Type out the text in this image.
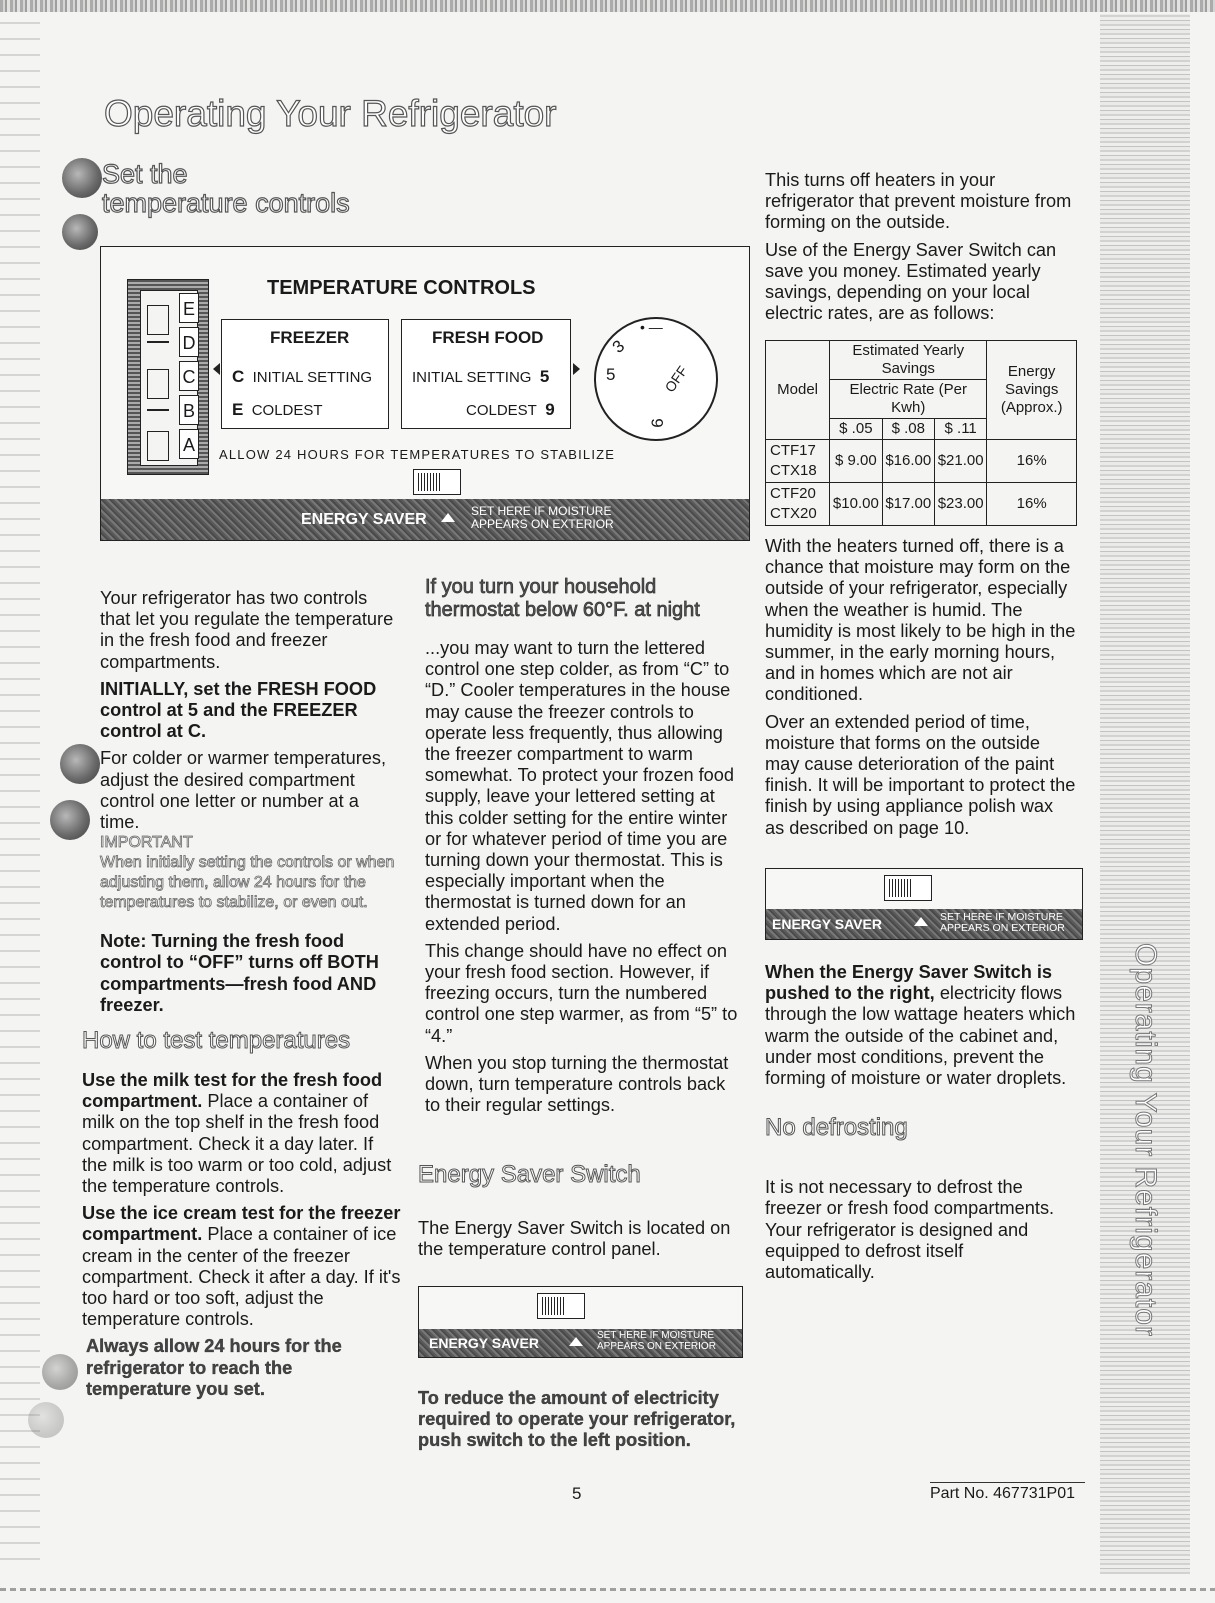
Operating Your Refrigerator
Operating Your Refrigerator
Set the
temperature controls
TEMPERATURE CONTROLS
E
D
C
B
A
FREEZER
C INITIAL SETTING
E COLDEST
FRESH FOOD
INITIAL SETTING 5
COLDEST 9
3
5
9
OFF
• —
ALLOW 24 HOURS FOR TEMPERATURES TO STABILIZE
ENERGY SAVER	SET HERE IF MOISTURE
APPEARS ON EXTERIOR

Your refrigerator has two controls that let you regulate the temperature in the fresh food and freezer compartments.

INITIALLY, set the FRESH FOOD control at 5 and the FREEZER control at C.

For colder or warmer temperatures, adjust the desired compartment control one letter or number at a time.

IMPORTANT
When initially setting the controls or when adjusting them, allow 24 hours for the temperatures to stabilize, or even out.

Note: Turning the fresh food control to “OFF” turns off BOTH compartments—fresh food AND freezer.

How to test temperatures

Use the milk test for the fresh food compartment. Place a container of milk on the top shelf in the fresh food compartment. Check it a day later. If the milk is too warm or too cold, adjust the temperature controls.

Use the ice cream test for the freezer compartment. Place a container of ice cream in the center of the freezer compartment. Check it after a day. If it's too hard or too soft, adjust the temperature controls.

Always allow 24 hours for the refrigerator to reach the temperature you set.

If you turn your household thermostat below 60°F. at night

...you may want to turn the lettered control one step colder, as from “C” to “D.” Cooler temperatures in the house may cause the freezer controls to operate less frequently, thus allowing the freezer compartment to warm somewhat. To protect your frozen food supply, leave your lettered setting at this colder setting for the entire winter or for whatever period of time you are turning down your thermostat. This is especially important when the thermostat is turned down for an extended period.

This change should have no effect on your fresh food section. However, if freezing occurs, turn the numbered control one step warmer, as from “5” to “4.”

When you stop turning the thermostat down, turn temperature controls back to their regular settings.

Energy Saver Switch

The Energy Saver Switch is located on the temperature control panel.

ENERGY SAVER	SET HERE IF MOISTURE
APPEARS ON EXTERIOR

To reduce the amount of electricity required to operate your refrigerator, push switch to the left position.

This turns off heaters in your refrigerator that prevent moisture from forming on the outside.

Use of the Energy Saver Switch can save you money. Estimated yearly savings, depending on your local electric rates, are as follows:

Model	Estimated Yearly Savings			Energy Savings (Approx.)
	Electric Rate (Per Kwh)			
	$ .05	$ .08	$ .11	
CTF17 CTX18	$ 9.00	$16.00	$21.00	16%
CTF20 CTX20	$10.00	$17.00	$23.00	16%

With the heaters turned off, there is a chance that moisture may form on the outside of your refrigerator, especially when the weather is humid. The humidity is most likely to be high in the summer, in the early morning hours, and in homes which are not air conditioned.

Over an extended period of time, moisture that forms on the outside may cause deterioration of the paint finish. It will be important to protect the finish by using appliance polish wax as described on page 10.

ENERGY SAVER	SET HERE IF MOISTURE
APPEARS ON EXTERIOR

When the Energy Saver Switch is pushed to the right, electricity flows through the low wattage heaters which warm the outside of the cabinet and, under most conditions, prevent the forming of moisture or water droplets.

No defrosting

It is not necessary to defrost the freezer or fresh food compartments. Your refrigerator is designed and equipped to defrost itself automatically.

5	Part No. 467731P01
